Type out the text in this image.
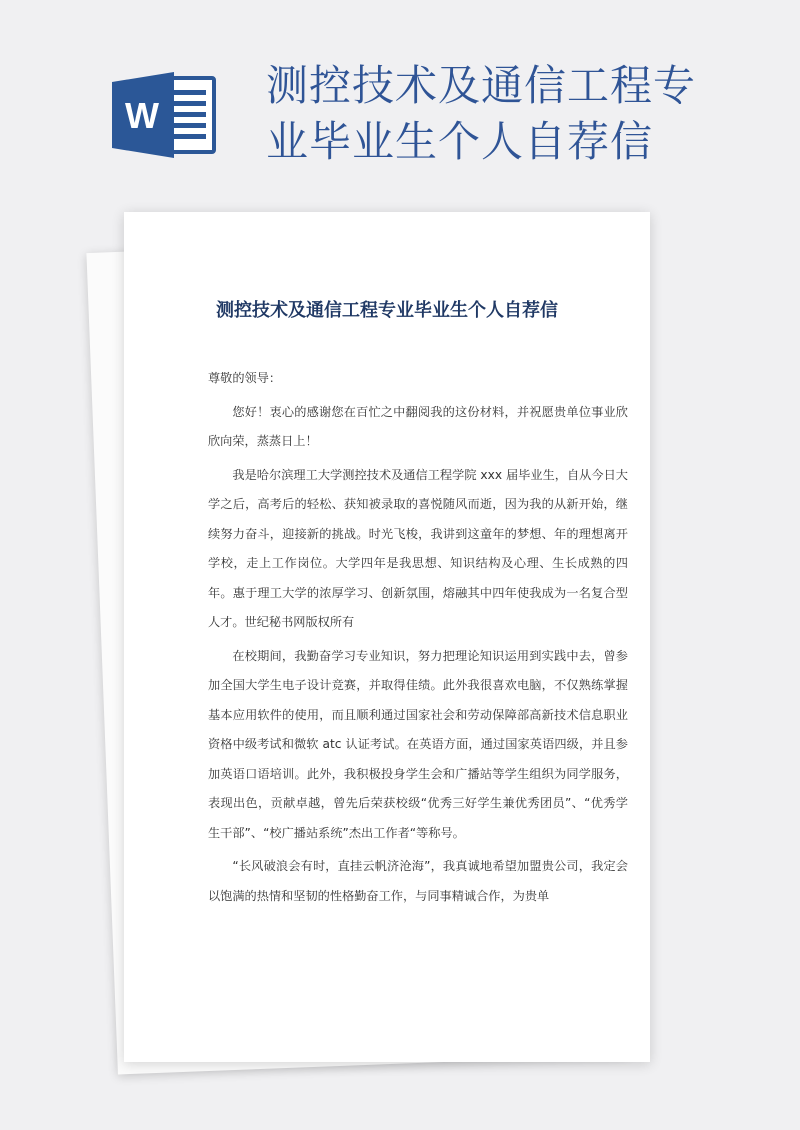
W
测控技术及通信工程专业毕业生个人自荐信
测控技术及通信工程专业毕业生个人自荐信

尊敬的领导：

您好！衷心的感谢您在百忙之中翻阅我的这份材料，并祝愿贵单位事业欣欣向荣，蒸蒸日上！

我是哈尔滨理工大学测控技术及通信工程学院 xxx 届毕业生，自从今日大学之后，高考后的轻松、获知被录取的喜悦随风而逝，因为我的从新开始，继续努力奋斗，迎接新的挑战。时光飞梭，我讲到这童年的梦想、年的理想离开学校，走上工作岗位。大学四年是我思想、知识结构及心理、生长成熟的四年。惠于理工大学的浓厚学习、创新氛围，熔融其中四年使我成为一名复合型人才。世纪秘书网版权所有

在校期间，我勤奋学习专业知识，努力把理论知识运用到实践中去，曾参加全国大学生电子设计竞赛，并取得佳绩。此外我很喜欢电脑，不仅熟练掌握基本应用软件的使用，而且顺利通过国家社会和劳动保障部高新技术信息职业资格中级考试和微软 atc 认证考试。在英语方面，通过国家英语四级，并且参加英语口语培训。此外，我积极投身学生会和广播站等学生组织为同学服务，表现出色，贡献卓越，曾先后荣获校级“优秀三好学生兼优秀团员”、“优秀学生干部”、“校广播站系统”杰出工作者“等称号。

“长风破浪会有时，直挂云帆济沧海”，我真诚地希望加盟贵公司，我定会以饱满的热情和坚韧的性格勤奋工作，与同事精诚合作，为贵单
